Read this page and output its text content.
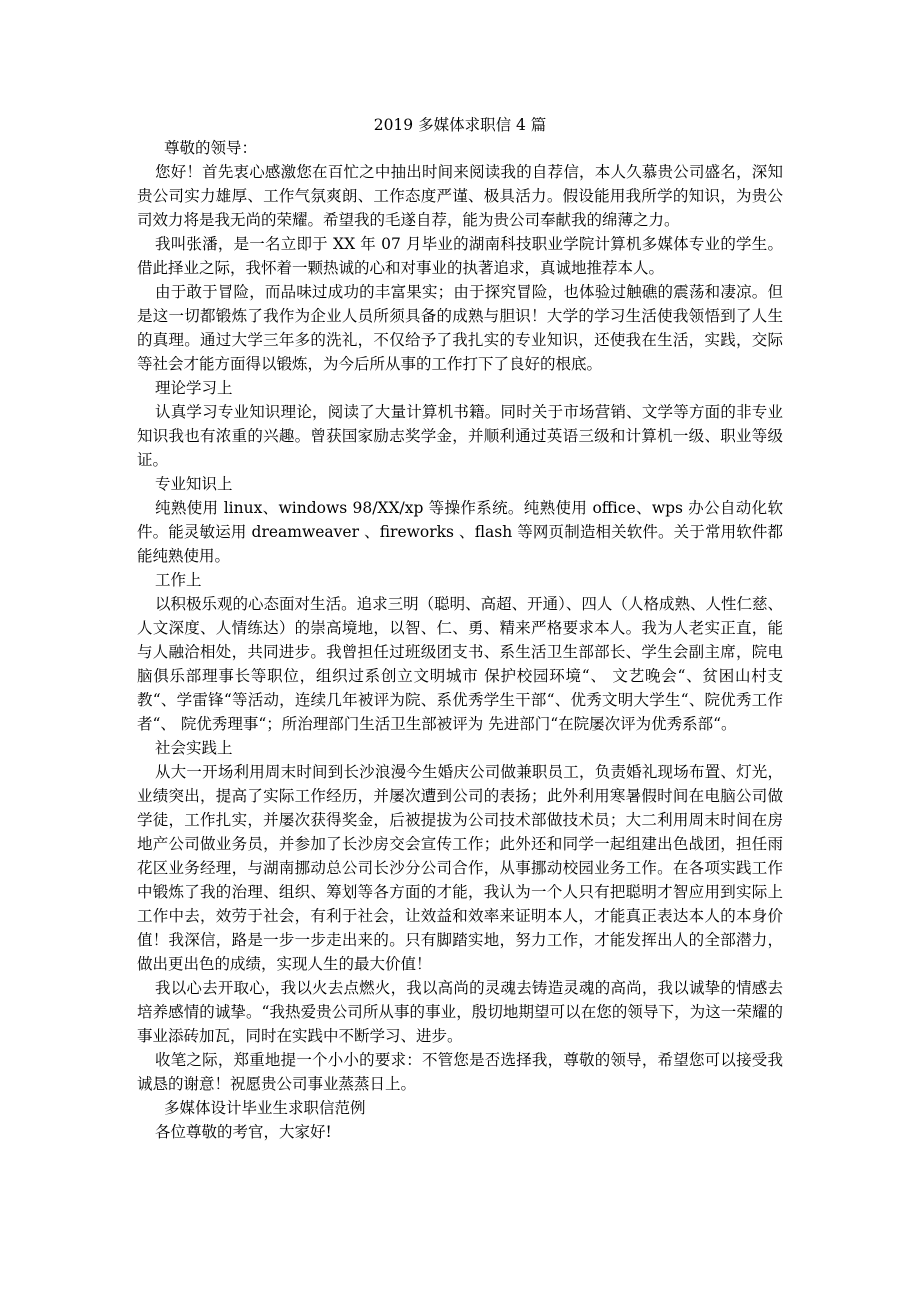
2019 多媒体求职信 4 篇

尊敬的领导：

您好！首先衷心感激您在百忙之中抽出时间来阅读我的自荐信，本人久慕贵公司盛名，深知贵公司实力雄厚、工作气氛爽朗、工作态度严谨、极具活力。假设能用我所学的知识，为贵公司效力将是我无尚的荣耀。希望我的毛遂自荐，能为贵公司奉献我的绵薄之力。

我叫张潘，是一名立即于 XX 年 07 月毕业的湖南科技职业学院计算机多媒体专业的学生。借此择业之际，我怀着一颗热诚的心和对事业的执著追求，真诚地推荐本人。

由于敢于冒险，而品味过成功的丰富果实；由于探究冒险，也体验过触礁的震荡和凄凉。但是这一切都锻炼了我作为企业人员所须具备的成熟与胆识！大学的学习生活使我领悟到了人生的真理。通过大学三年多的洗礼，不仅给予了我扎实的专业知识，还使我在生活，实践，交际等社会才能方面得以锻炼，为今后所从事的工作打下了良好的根底。

理论学习上

认真学习专业知识理论，阅读了大量计算机书籍。同时关于市场营销、文学等方面的非专业知识我也有浓重的兴趣。曾获国家励志奖学金，并顺利通过英语三级和计算机一级、职业等级证。

专业知识上

纯熟使用 linux、windows 98/XX/xp 等操作系统。纯熟使用 office、wps 办公自动化软件。能灵敏运用 dreamweaver 、fireworks 、flash 等网页制造相关软件。关于常用软件都能纯熟使用。

工作上

以积极乐观的心态面对生活。追求三明（聪明、高超、开通）、四人（人格成熟、人性仁慈、人文深度、人情练达）的崇高境地，以智、仁、勇、精来严格要求本人。我为人老实正直，能与人融洽相处，共同进步。我曾担任过班级团支书、系生活卫生部部长、学生会副主席，院电脑俱乐部理事长等职位，组织过系创立文明城市 保护校园环境“、 文艺晚会“、贫困山村支教“、学雷锋“等活动，连续几年被评为院、系优秀学生干部“、优秀文明大学生“、院优秀工作者“、 院优秀理事“；所治理部门生活卫生部被评为 先进部门“在院屡次评为优秀系部“。

社会实践上

从大一开场利用周末时间到长沙浪漫今生婚庆公司做兼职员工，负责婚礼现场布置、灯光，业绩突出，提高了实际工作经历，并屡次遭到公司的表扬；此外利用寒暑假时间在电脑公司做学徒，工作扎实，并屡次获得奖金，后被提拔为公司技术部做技术员；大二利用周末时间在房地产公司做业务员，并参加了长沙房交会宣传工作；此外还和同学一起组建出色战团，担任雨花区业务经理，与湖南挪动总公司长沙分公司合作，从事挪动校园业务工作。在各项实践工作中锻炼了我的治理、组织、筹划等各方面的才能，我认为一个人只有把聪明才智应用到实际上工作中去，效劳于社会，有利于社会，让效益和效率来证明本人，才能真正表达本人的本身价值！我深信，路是一步一步走出来的。只有脚踏实地，努力工作，才能发挥出人的全部潜力，做出更出色的成绩，实现人生的最大价值！

我以心去开取心，我以火去点燃火，我以高尚的灵魂去铸造灵魂的高尚，我以诚挚的情感去培养感情的诚挚。“我热爱贵公司所从事的事业，殷切地期望可以在您的领导下，为这一荣耀的事业添砖加瓦，同时在实践中不断学习、进步。

收笔之际，郑重地提一个小小的要求：不管您是否选择我，尊敬的领导，希望您可以接受我诚恳的谢意！祝愿贵公司事业蒸蒸日上。

多媒体设计毕业生求职信范例

各位尊敬的考官，大家好!
